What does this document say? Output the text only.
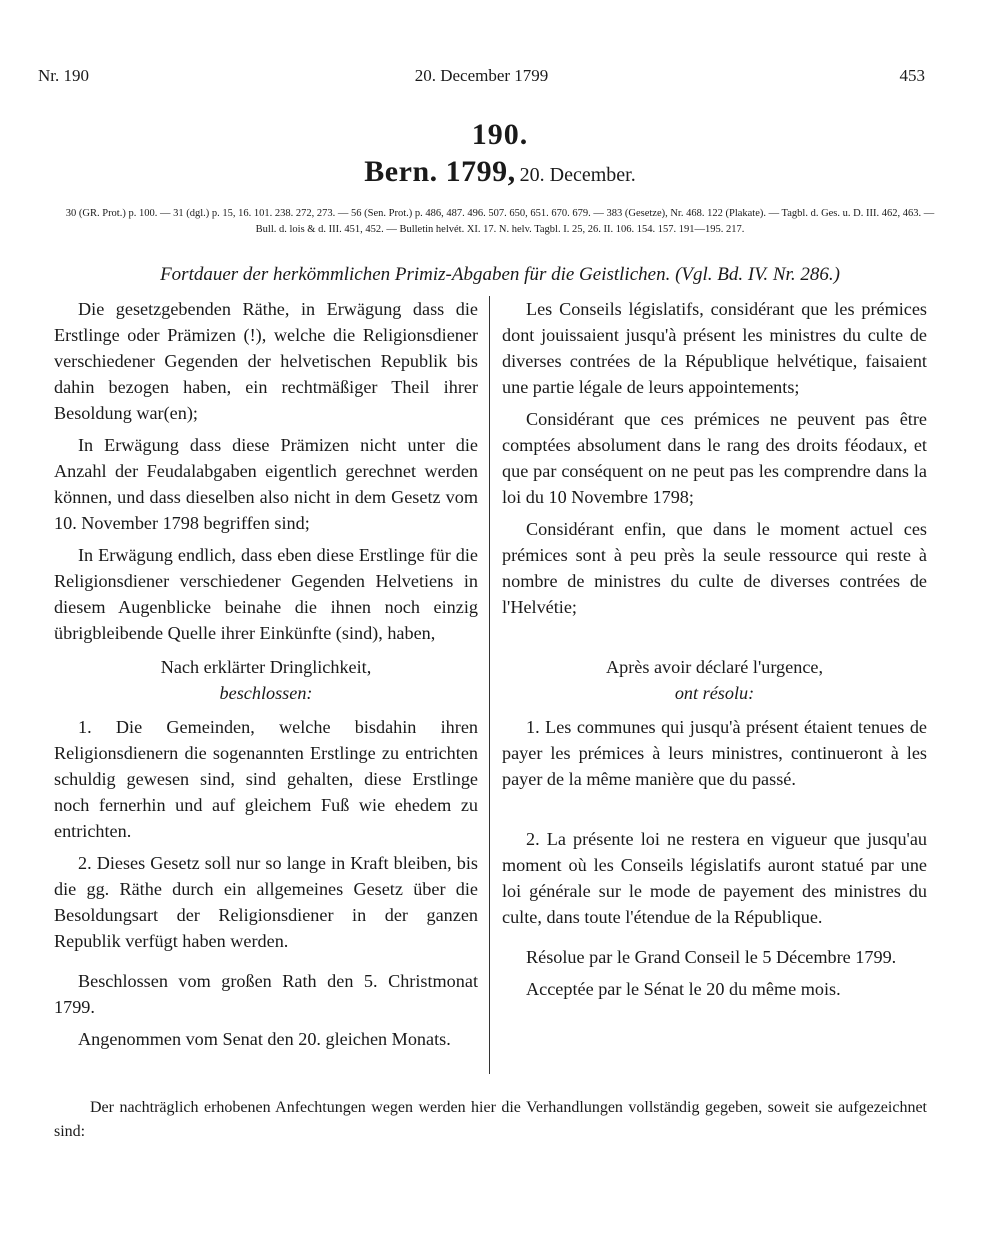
Nr. 190	20. December 1799	453
190.
Bern. 1799, 20. December.
30 (GR. Prot.) p. 100. — 31 (dgl.) p. 15, 16. 101. 238. 272, 273. — 56 (Sen. Prot.) p. 486, 487. 496. 507. 650, 651. 670. 679. — 383 (Gesetze), Nr. 468. 122 (Plakate). — Tagbl. d. Ges. u. D. III. 462, 463. — Bull. d. lois & d. III. 451, 452. — Bulletin helvét. XI. 17. N. helv. Tagbl. I. 25, 26. II. 106. 154. 157. 191—195. 217.
Fortdauer der herkömmlichen Primiz-Abgaben für die Geistlichen. (Vgl. Bd. IV. Nr. 286.)

Die gesetzgebenden Räthe, in Erwägung dass die Erstlinge oder Prämizen (!), welche die Religionsdiener verschiedener Gegenden der helvetischen Republik bis dahin bezogen haben, ein rechtmäßiger Theil ihrer Besoldung war(en);

In Erwägung dass diese Prämizen nicht unter die Anzahl der Feudalabgaben eigentlich gerechnet werden können, und dass dieselben also nicht in dem Gesetz vom 10. November 1798 begriffen sind;

In Erwägung endlich, dass eben diese Erstlinge für die Religionsdiener verschiedener Gegenden Helvetiens in diesem Augenblicke beinahe die ihnen noch einzig übrigbleibende Quelle ihrer Einkünfte (sind), haben,

Nach erklärter Dringlichkeit,

beschlossen:

1. Die Gemeinden, welche bisdahin ihren Religionsdienern die sogenannten Erstlinge zu entrichten schuldig gewesen sind, sind gehalten, diese Erstlinge noch fernerhin und auf gleichem Fuß wie ehedem zu entrichten.

2. Dieses Gesetz soll nur so lange in Kraft bleiben, bis die gg. Räthe durch ein allgemeines Gesetz über die Besoldungsart der Religionsdiener in der ganzen Republik verfügt haben werden.

Beschlossen vom großen Rath den 5. Christmonat 1799.

Angenommen vom Senat den 20. gleichen Monats.

Les Conseils législatifs, considérant que les prémices dont jouissaient jusqu'à présent les ministres du culte de diverses contrées de la République helvétique, faisaient une partie légale de leurs appointements;

Considérant que ces prémices ne peuvent pas être comptées absolument dans le rang des droits féodaux, et que par conséquent on ne peut pas les comprendre dans la loi du 10 Novembre 1798;

Considérant enfin, que dans le moment actuel ces prémices sont à peu près la seule ressource qui reste à nombre de ministres du culte de diverses contrées de l'Helvétie;

Après avoir déclaré l'urgence,

ont résolu:

1. Les communes qui jusqu'à présent étaient tenues de payer les prémices à leurs ministres, continueront à les payer de la même manière que du passé.

2. La présente loi ne restera en vigueur que jusqu'au moment où les Conseils législatifs auront statué par une loi générale sur le mode de payement des ministres du culte, dans toute l'étendue de la République.

Résolue par le Grand Conseil le 5 Décembre 1799.

Acceptée par le Sénat le 20 du même mois.

Der nachträglich erhobenen Anfechtungen wegen werden hier die Verhandlungen vollständig gegeben, soweit sie aufgezeichnet sind:
